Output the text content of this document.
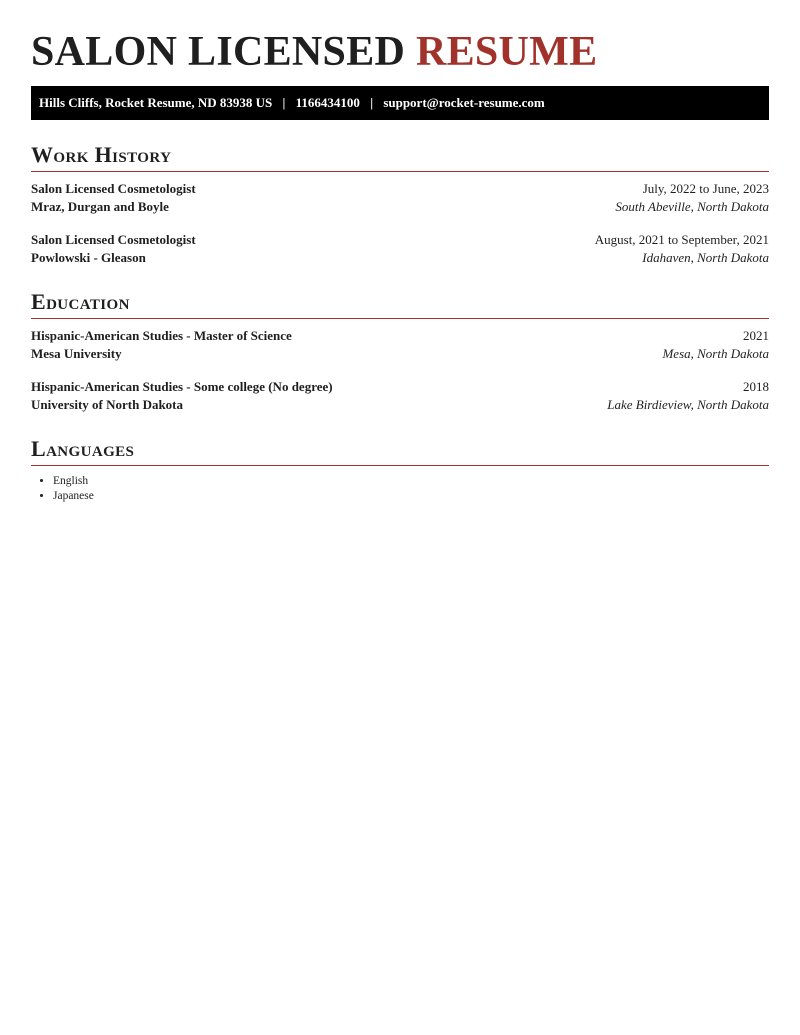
SALON LICENSED RESUME
Hills Cliffs, Rocket Resume, ND 83938 US | 1166434100 | support@rocket-resume.com
Work History
Salon Licensed Cosmetologist	July, 2022 to June, 2023
Mraz, Durgan and Boyle	South Abeville, North Dakota
Salon Licensed Cosmetologist	August, 2021 to September, 2021
Powlowski - Gleason	Idahaven, North Dakota
Education
Hispanic-American Studies - Master of Science	2021
Mesa University	Mesa, North Dakota
Hispanic-American Studies - Some college (No degree)	2018
University of North Dakota	Lake Birdieview, North Dakota
Languages
• English
• Japanese
